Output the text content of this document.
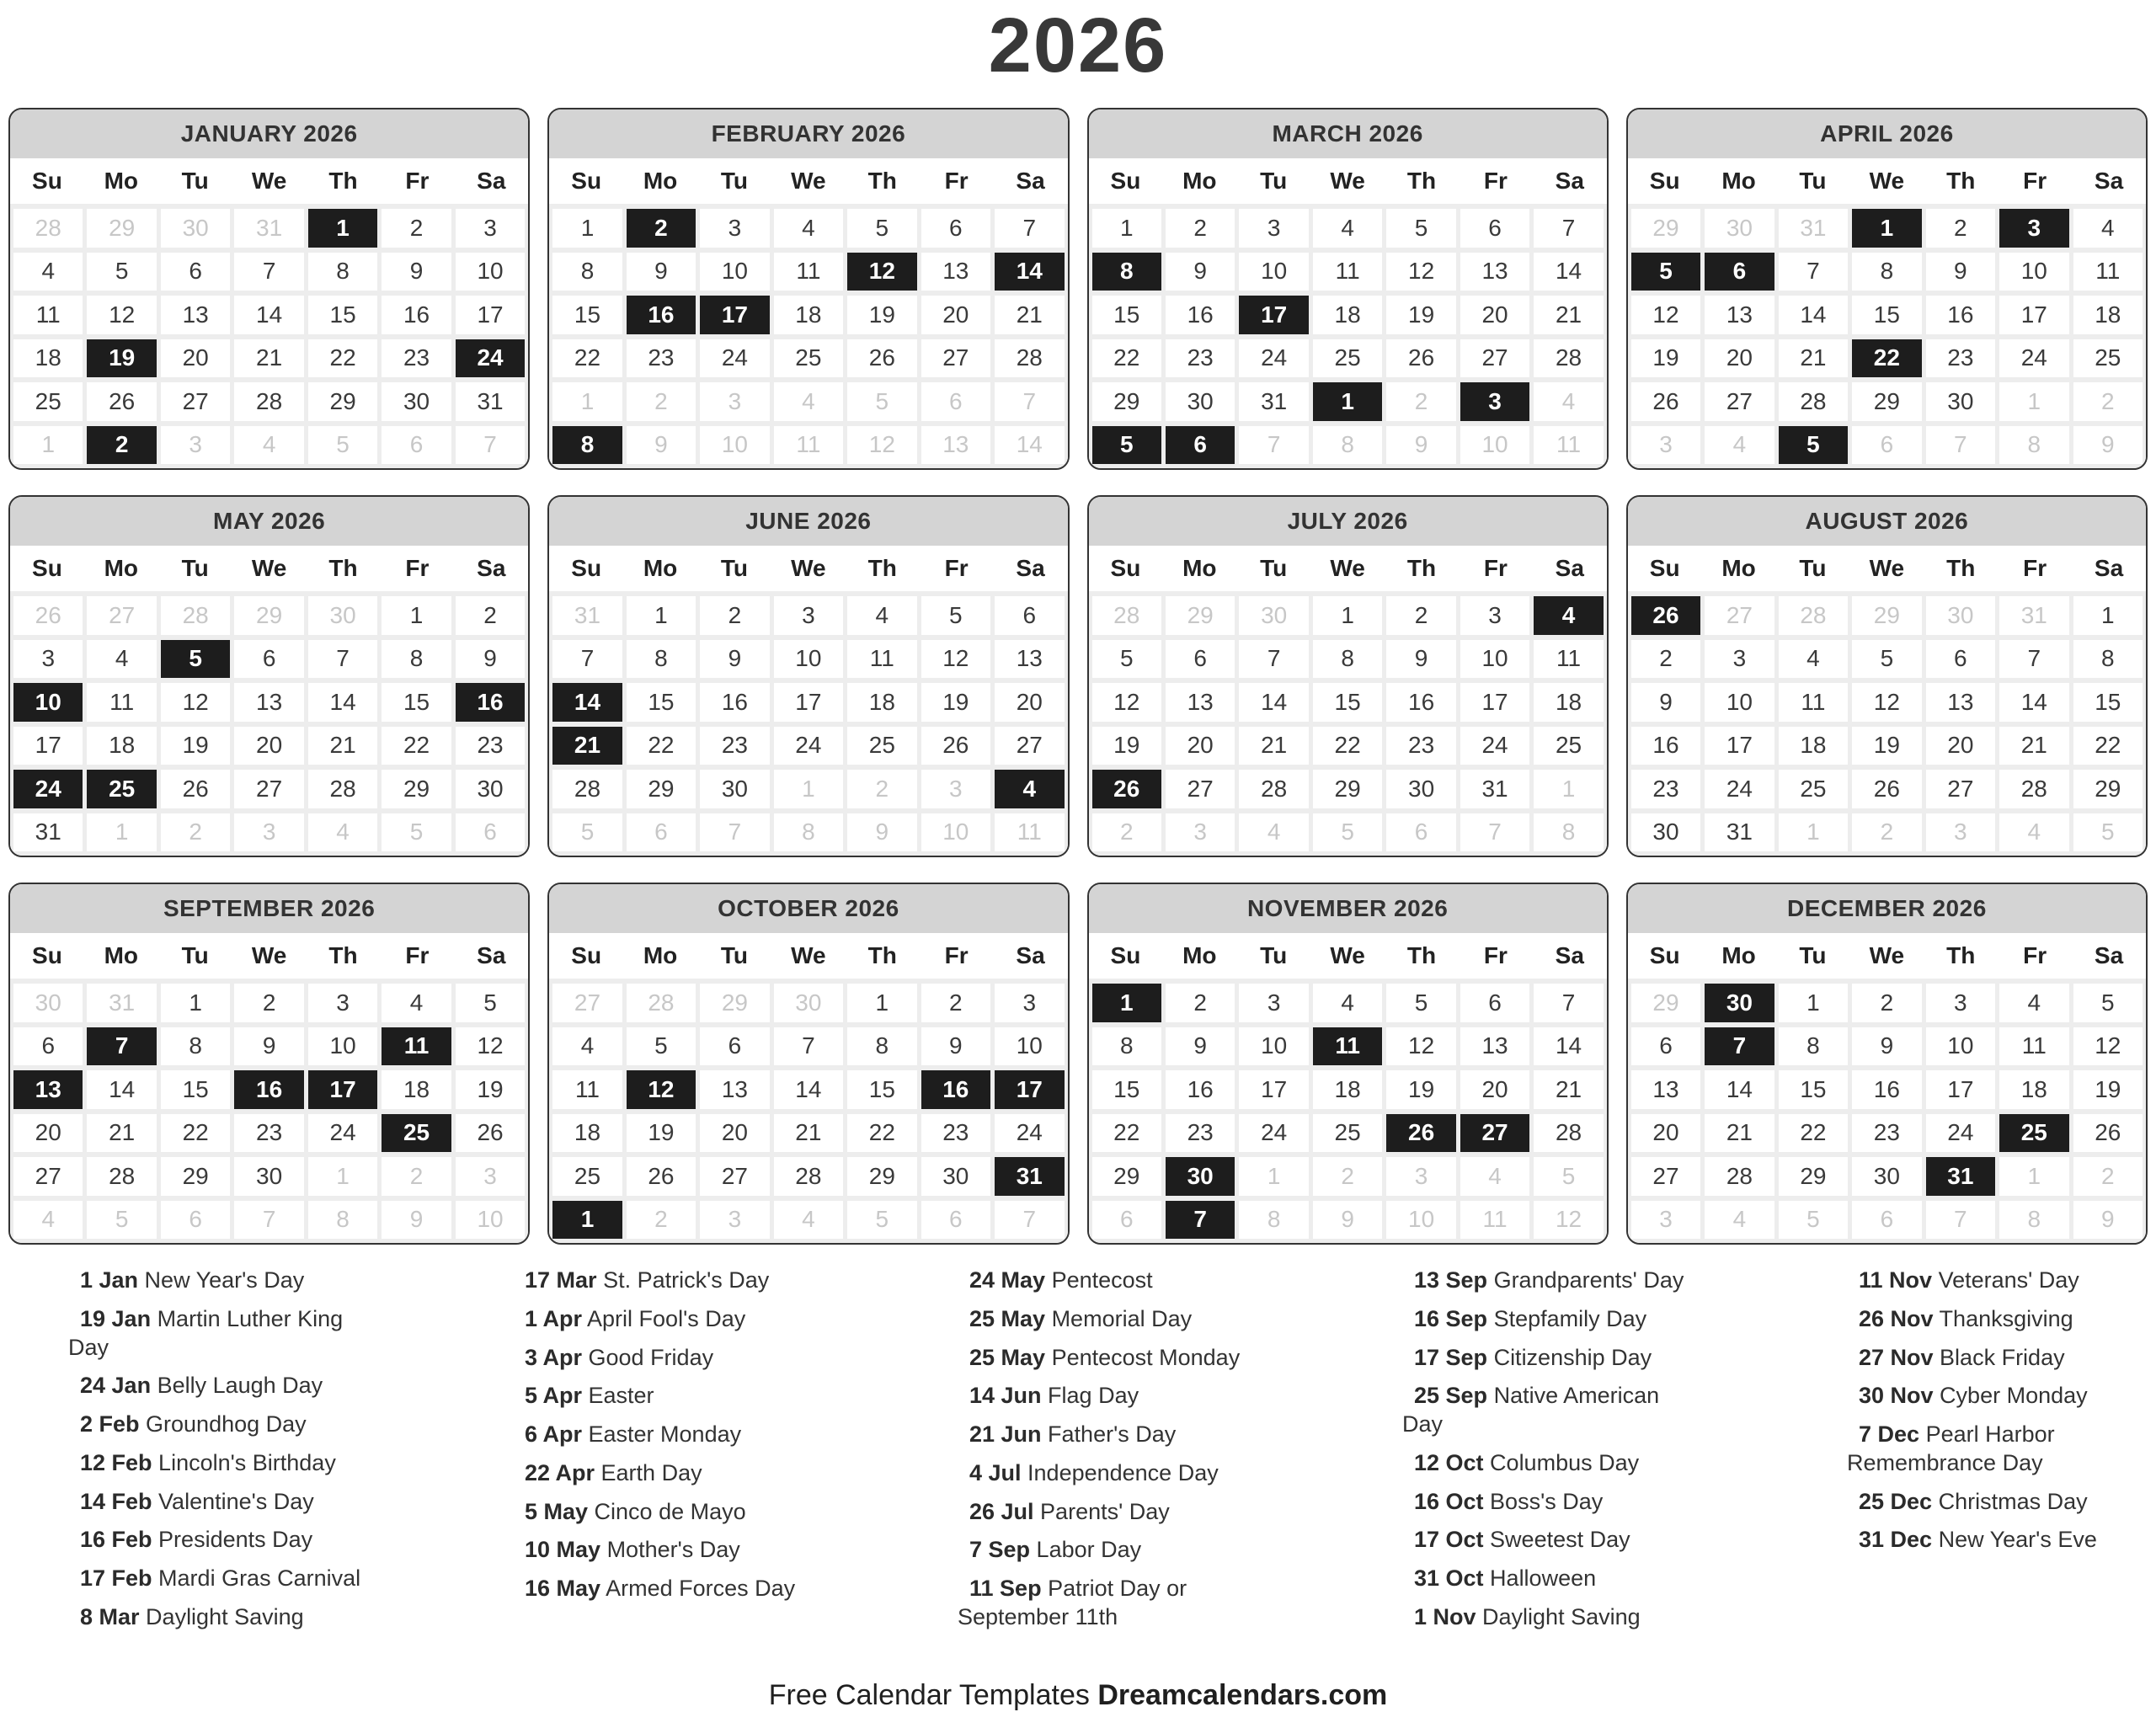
2026
JANUARY 2026
Su	Mo	Tu	We	Th	Fr	Sa
28	29	30	31	1	2	3
4	5	6	7	8	9	10
11	12	13	14	15	16	17
18	19	20	21	22	23	24
25	26	27	28	29	30	31
1	2	3	4	5	6	7
FEBRUARY 2026
Su	Mo	Tu	We	Th	Fr	Sa
1	2	3	4	5	6	7
8	9	10	11	12	13	14
15	16	17	18	19	20	21
22	23	24	25	26	27	28
1	2	3	4	5	6	7
8	9	10	11	12	13	14
MARCH 2026
Su	Mo	Tu	We	Th	Fr	Sa
1	2	3	4	5	6	7
8	9	10	11	12	13	14
15	16	17	18	19	20	21
22	23	24	25	26	27	28
29	30	31	1	2	3	4
5	6	7	8	9	10	11
APRIL 2026
Su	Mo	Tu	We	Th	Fr	Sa
29	30	31	1	2	3	4
5	6	7	8	9	10	11
12	13	14	15	16	17	18
19	20	21	22	23	24	25
26	27	28	29	30	1	2
3	4	5	6	7	8	9
MAY 2026
Su	Mo	Tu	We	Th	Fr	Sa
26	27	28	29	30	1	2
3	4	5	6	7	8	9
10	11	12	13	14	15	16
17	18	19	20	21	22	23
24	25	26	27	28	29	30
31	1	2	3	4	5	6
JUNE 2026
Su	Mo	Tu	We	Th	Fr	Sa
31	1	2	3	4	5	6
7	8	9	10	11	12	13
14	15	16	17	18	19	20
21	22	23	24	25	26	27
28	29	30	1	2	3	4
5	6	7	8	9	10	11
JULY 2026
Su	Mo	Tu	We	Th	Fr	Sa
28	29	30	1	2	3	4
5	6	7	8	9	10	11
12	13	14	15	16	17	18
19	20	21	22	23	24	25
26	27	28	29	30	31	1
2	3	4	5	6	7	8
AUGUST 2026
Su	Mo	Tu	We	Th	Fr	Sa
26	27	28	29	30	31	1
2	3	4	5	6	7	8
9	10	11	12	13	14	15
16	17	18	19	20	21	22
23	24	25	26	27	28	29
30	31	1	2	3	4	5
SEPTEMBER 2026
Su	Mo	Tu	We	Th	Fr	Sa
30	31	1	2	3	4	5
6	7	8	9	10	11	12
13	14	15	16	17	18	19
20	21	22	23	24	25	26
27	28	29	30	1	2	3
4	5	6	7	8	9	10
OCTOBER 2026
Su	Mo	Tu	We	Th	Fr	Sa
27	28	29	30	1	2	3
4	5	6	7	8	9	10
11	12	13	14	15	16	17
18	19	20	21	22	23	24
25	26	27	28	29	30	31
1	2	3	4	5	6	7
NOVEMBER 2026
Su	Mo	Tu	We	Th	Fr	Sa
1	2	3	4	5	6	7
8	9	10	11	12	13	14
15	16	17	18	19	20	21
22	23	24	25	26	27	28
29	30	1	2	3	4	5
6	7	8	9	10	11	12
DECEMBER 2026
Su	Mo	Tu	We	Th	Fr	Sa
29	30	1	2	3	4	5
6	7	8	9	10	11	12
13	14	15	16	17	18	19
20	21	22	23	24	25	26
27	28	29	30	31	1	2
3	4	5	6	7	8	9

1 Jan New Year's Day

19 Jan Martin Luther King Day

24 Jan Belly Laugh Day

2 Feb Groundhog Day

12 Feb Lincoln's Birthday

14 Feb Valentine's Day

16 Feb Presidents Day

17 Feb Mardi Gras Carnival

8 Mar Daylight Saving

17 Mar St. Patrick's Day

1 Apr April Fool's Day

3 Apr Good Friday

5 Apr Easter

6 Apr Easter Monday

22 Apr Earth Day

5 May Cinco de Mayo

10 May Mother's Day

16 May Armed Forces Day

24 May Pentecost

25 May Memorial Day

25 May Pentecost Monday

14 Jun Flag Day

21 Jun Father's Day

4 Jul Independence Day

26 Jul Parents' Day

7 Sep Labor Day

11 Sep Patriot Day or September 11th

13 Sep Grandparents' Day

16 Sep Stepfamily Day

17 Sep Citizenship Day

25 Sep Native American Day

12 Oct Columbus Day

16 Oct Boss's Day

17 Oct Sweetest Day

31 Oct Halloween

1 Nov Daylight Saving

11 Nov Veterans' Day

26 Nov Thanksgiving

27 Nov Black Friday

30 Nov Cyber Monday

7 Dec Pearl Harbor Remembrance Day

25 Dec Christmas Day

31 Dec New Year's Eve

Free Calendar Templates Dreamcalendars.com
